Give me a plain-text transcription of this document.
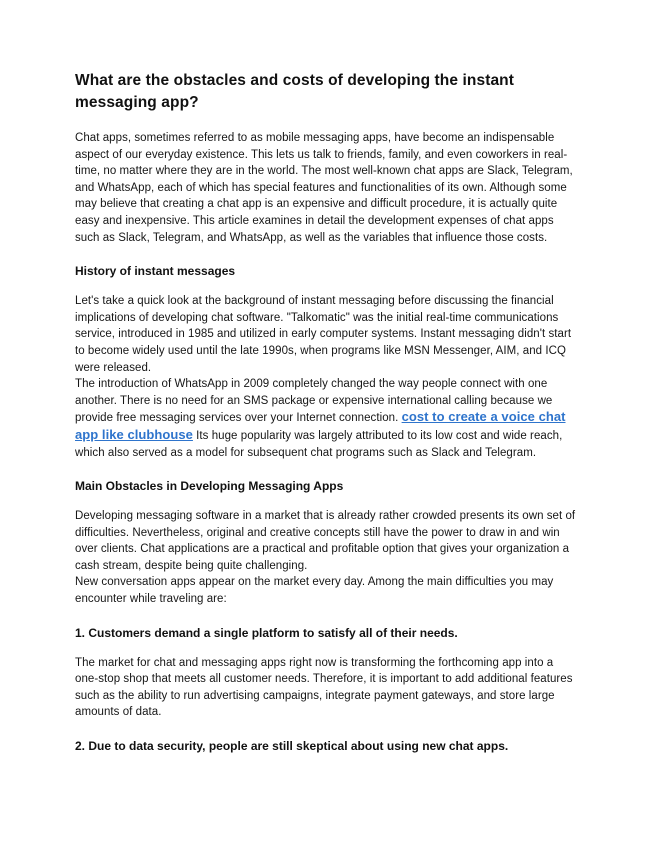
What are the obstacles and costs of developing the instant messaging app?

Chat apps, sometimes referred to as mobile messaging apps, have become an indispensable aspect of our everyday existence. This lets us talk to friends, family, and even coworkers in real-time, no matter where they are in the world. The most well-known chat apps are Slack, Telegram, and WhatsApp, each of which has special features and functionalities of its own. Although some may believe that creating a chat app is an expensive and difficult procedure, it is actually quite easy and inexpensive. This article examines in detail the development expenses of chat apps such as Slack, Telegram, and WhatsApp, as well as the variables that influence those costs.

History of instant messages

Let's take a quick look at the background of instant messaging before discussing the financial implications of developing chat software. "Talkomatic" was the initial real-time communications service, introduced in 1985 and utilized in early computer systems. Instant messaging didn't start to become widely used until the late 1990s, when programs like MSN Messenger, AIM, and ICQ were released.

The introduction of WhatsApp in 2009 completely changed the way people connect with one another. There is no need for an SMS package or expensive international calling because we provide free messaging services over your Internet connection. cost to create a voice chat app like clubhouse Its huge popularity was largely attributed to its low cost and wide reach, which also served as a model for subsequent chat programs such as Slack and Telegram.

Main Obstacles in Developing Messaging Apps

Developing messaging software in a market that is already rather crowded presents its own set of difficulties. Nevertheless, original and creative concepts still have the power to draw in and win over clients. Chat applications are a practical and profitable option that gives your organization a cash stream, despite being quite challenging.

New conversation apps appear on the market every day. Among the main difficulties you may encounter while traveling are:

1. Customers demand a single platform to satisfy all of their needs.

The market for chat and messaging apps right now is transforming the forthcoming app into a one-stop shop that meets all customer needs. Therefore, it is important to add additional features such as the ability to run advertising campaigns, integrate payment gateways, and store large amounts of data.

2. Due to data security, people are still skeptical about using new chat apps.
